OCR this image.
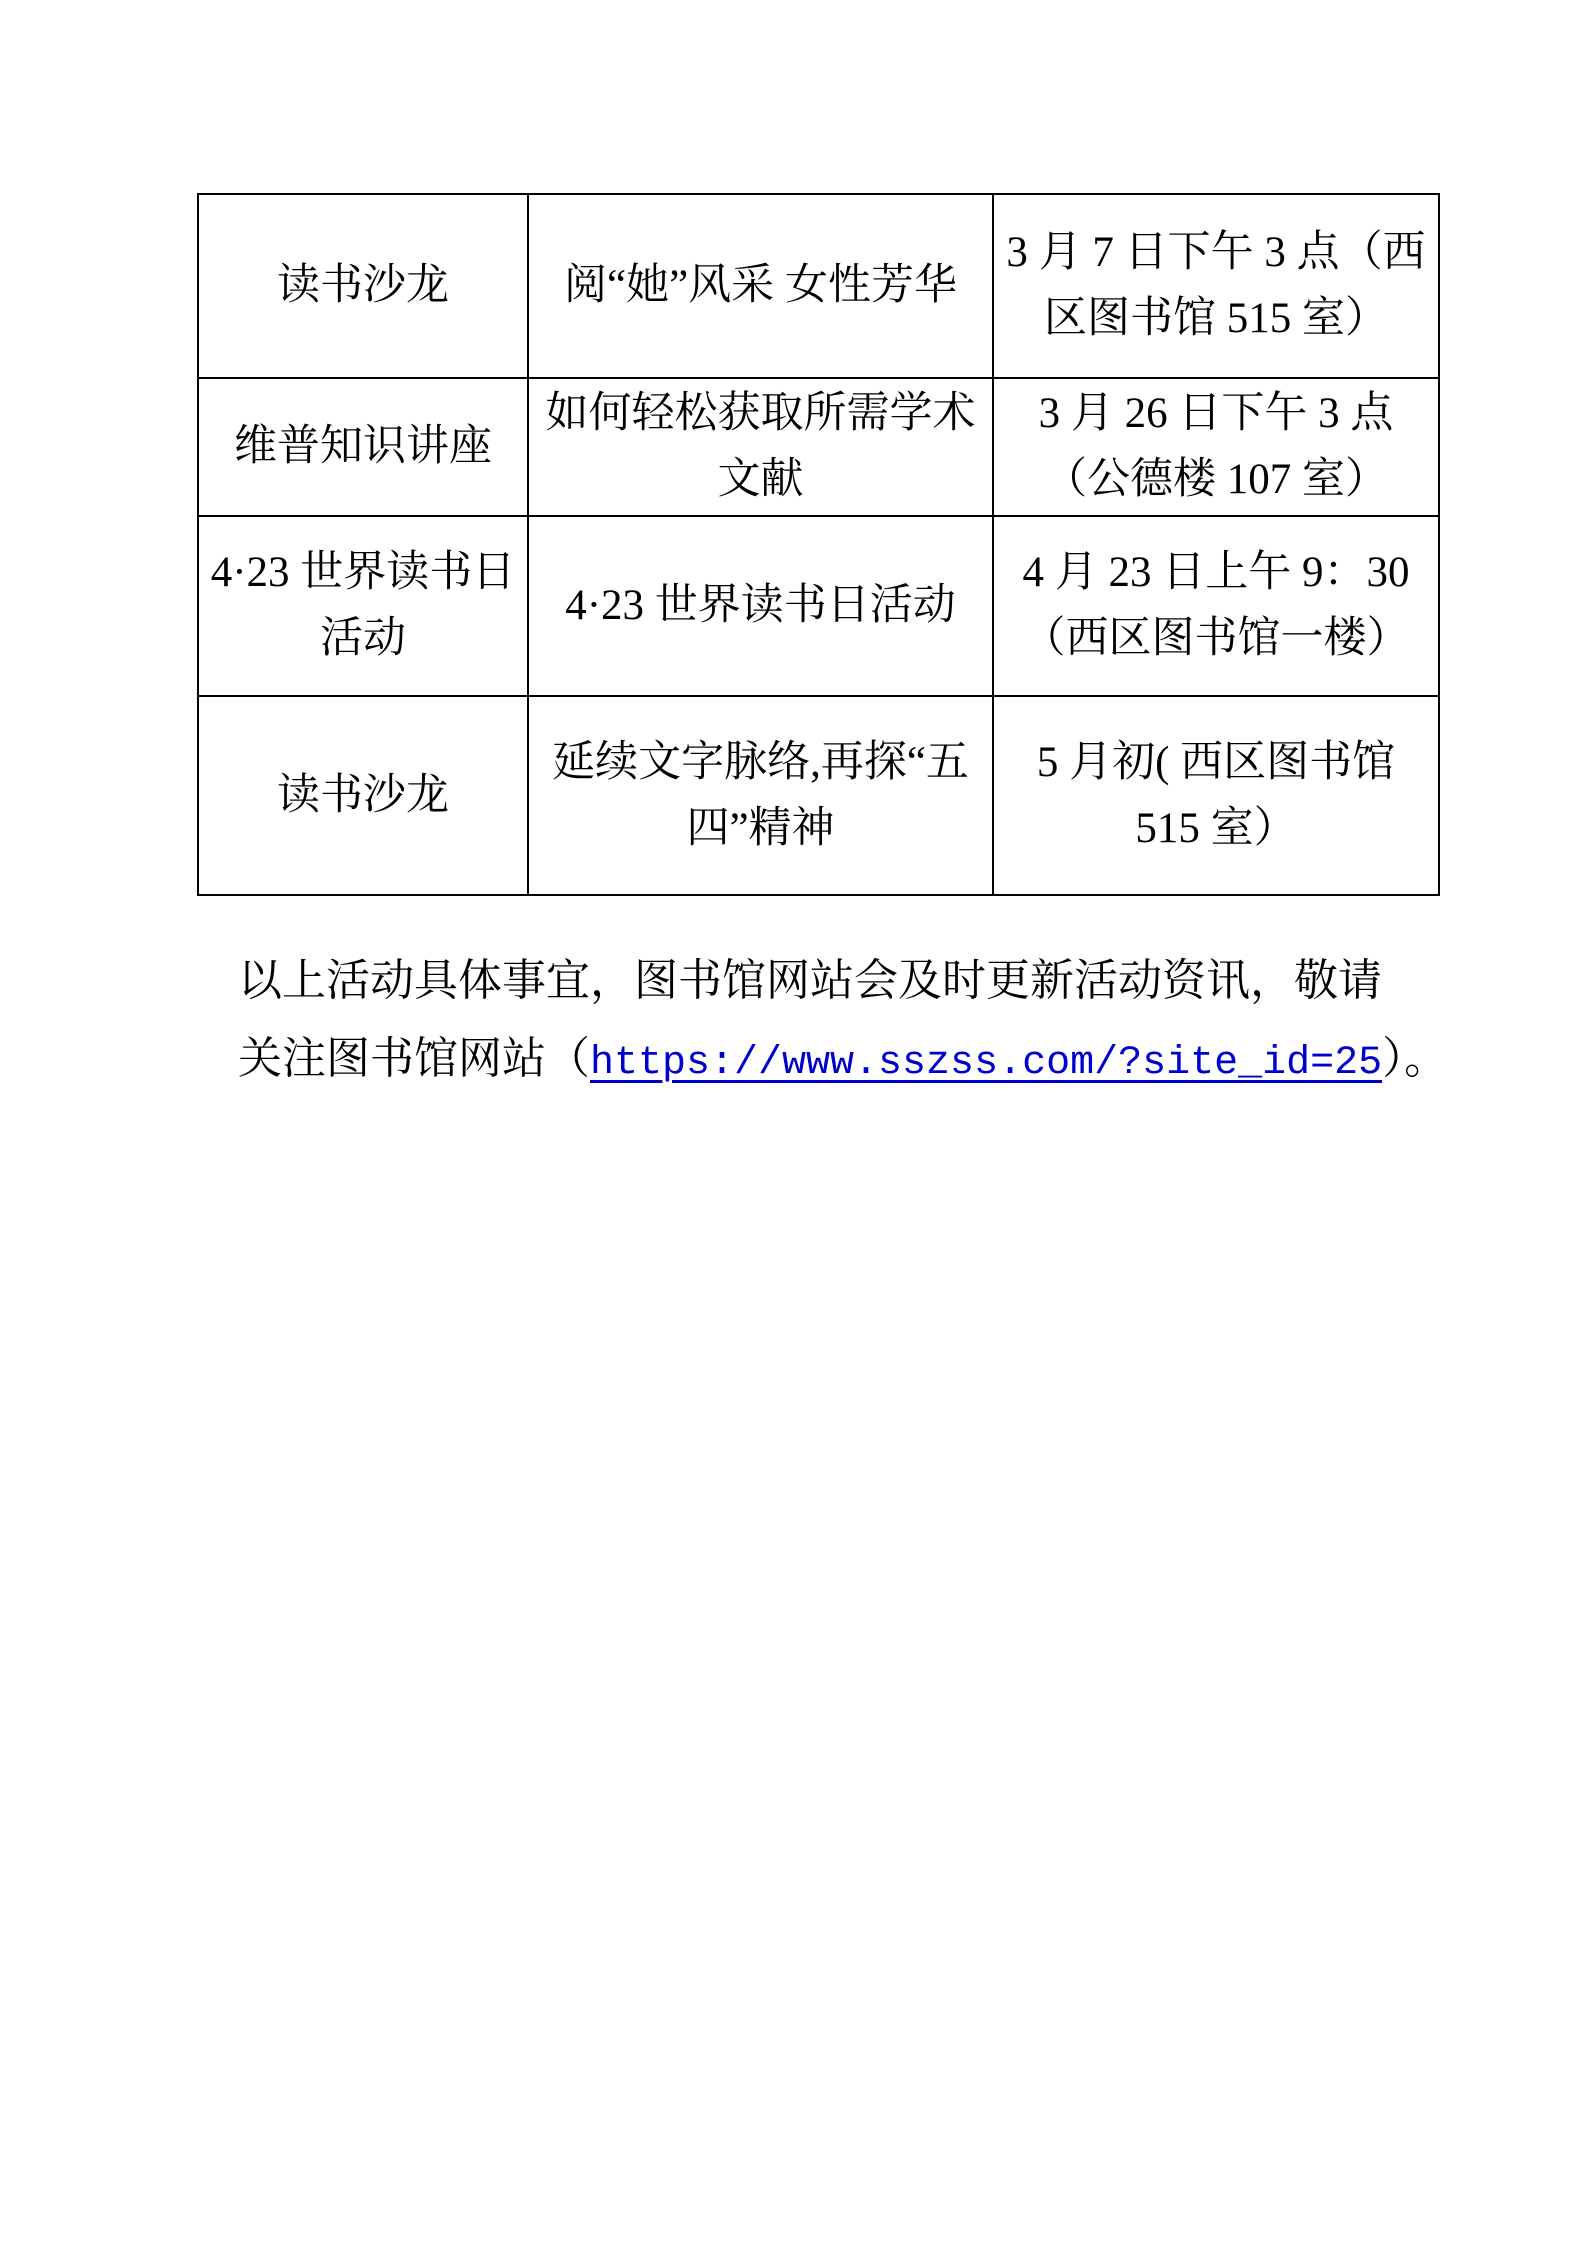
读书沙龙	阅“她”风采 女性芳华	3 月 7 日下午 3 点（西区图书馆 515 室）
维普知识讲座	如何轻松获取所需学术文献	3 月 26 日下午 3 点（公德楼 107 室）
4·23 世界读书日活动	4·23 世界读书日活动	4 月 23 日上午 9：30（西区图书馆一楼）
读书沙龙	延续文字脉络,再探“五四”精神	5 月初( 西区图书馆 515 室）
以上活动具体事宜，图书馆网站会及时更新活动资讯，敬请
关注图书馆网站（https://www.sszss.com/?site_id=25）。
